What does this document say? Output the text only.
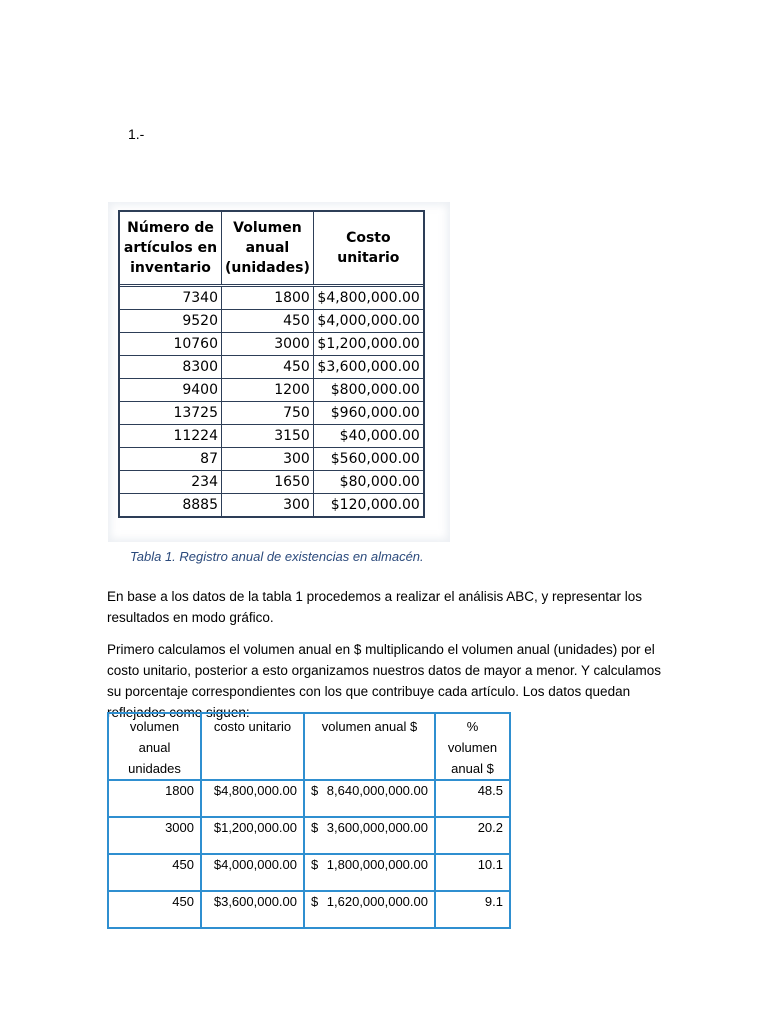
1.-
Número de artículos en inventario	Volumen anual (unidades)	Costo unitario
7340	1800	$4,800,000.00
9520	450	$4,000,000.00
10760	3000	$1,200,000.00
8300	450	$3,600,000.00
9400	1200	$800,000.00
13725	750	$960,000.00
11224	3150	$40,000.00
87	300	$560,000.00
234	1650	$80,000.00
8885	300	$120,000.00
Tabla 1. Registro anual de existencias en almacén.
En base a los datos de la tabla 1 procedemos a realizar el análisis ABC, y representar los resultados en modo gráfico.
Primero calculamos el volumen anual en $ multiplicando el volumen anual (unidades) por el costo unitario, posterior a esto organizamos nuestros datos de mayor a menor. Y calculamos su porcentaje correspondientes con los que contribuye cada artículo. Los datos quedan reflejados como siguen:
volumen anual unidades	costo unitario	volumen anual $	% volumen anual $
1800	$4,800,000.00	$ 8,640,000,000.00	48.5
3000	$1,200,000.00	$ 3,600,000,000.00	20.2
450	$4,000,000.00	$ 1,800,000,000.00	10.1
450	$3,600,000.00	$ 1,620,000,000.00	9.1
